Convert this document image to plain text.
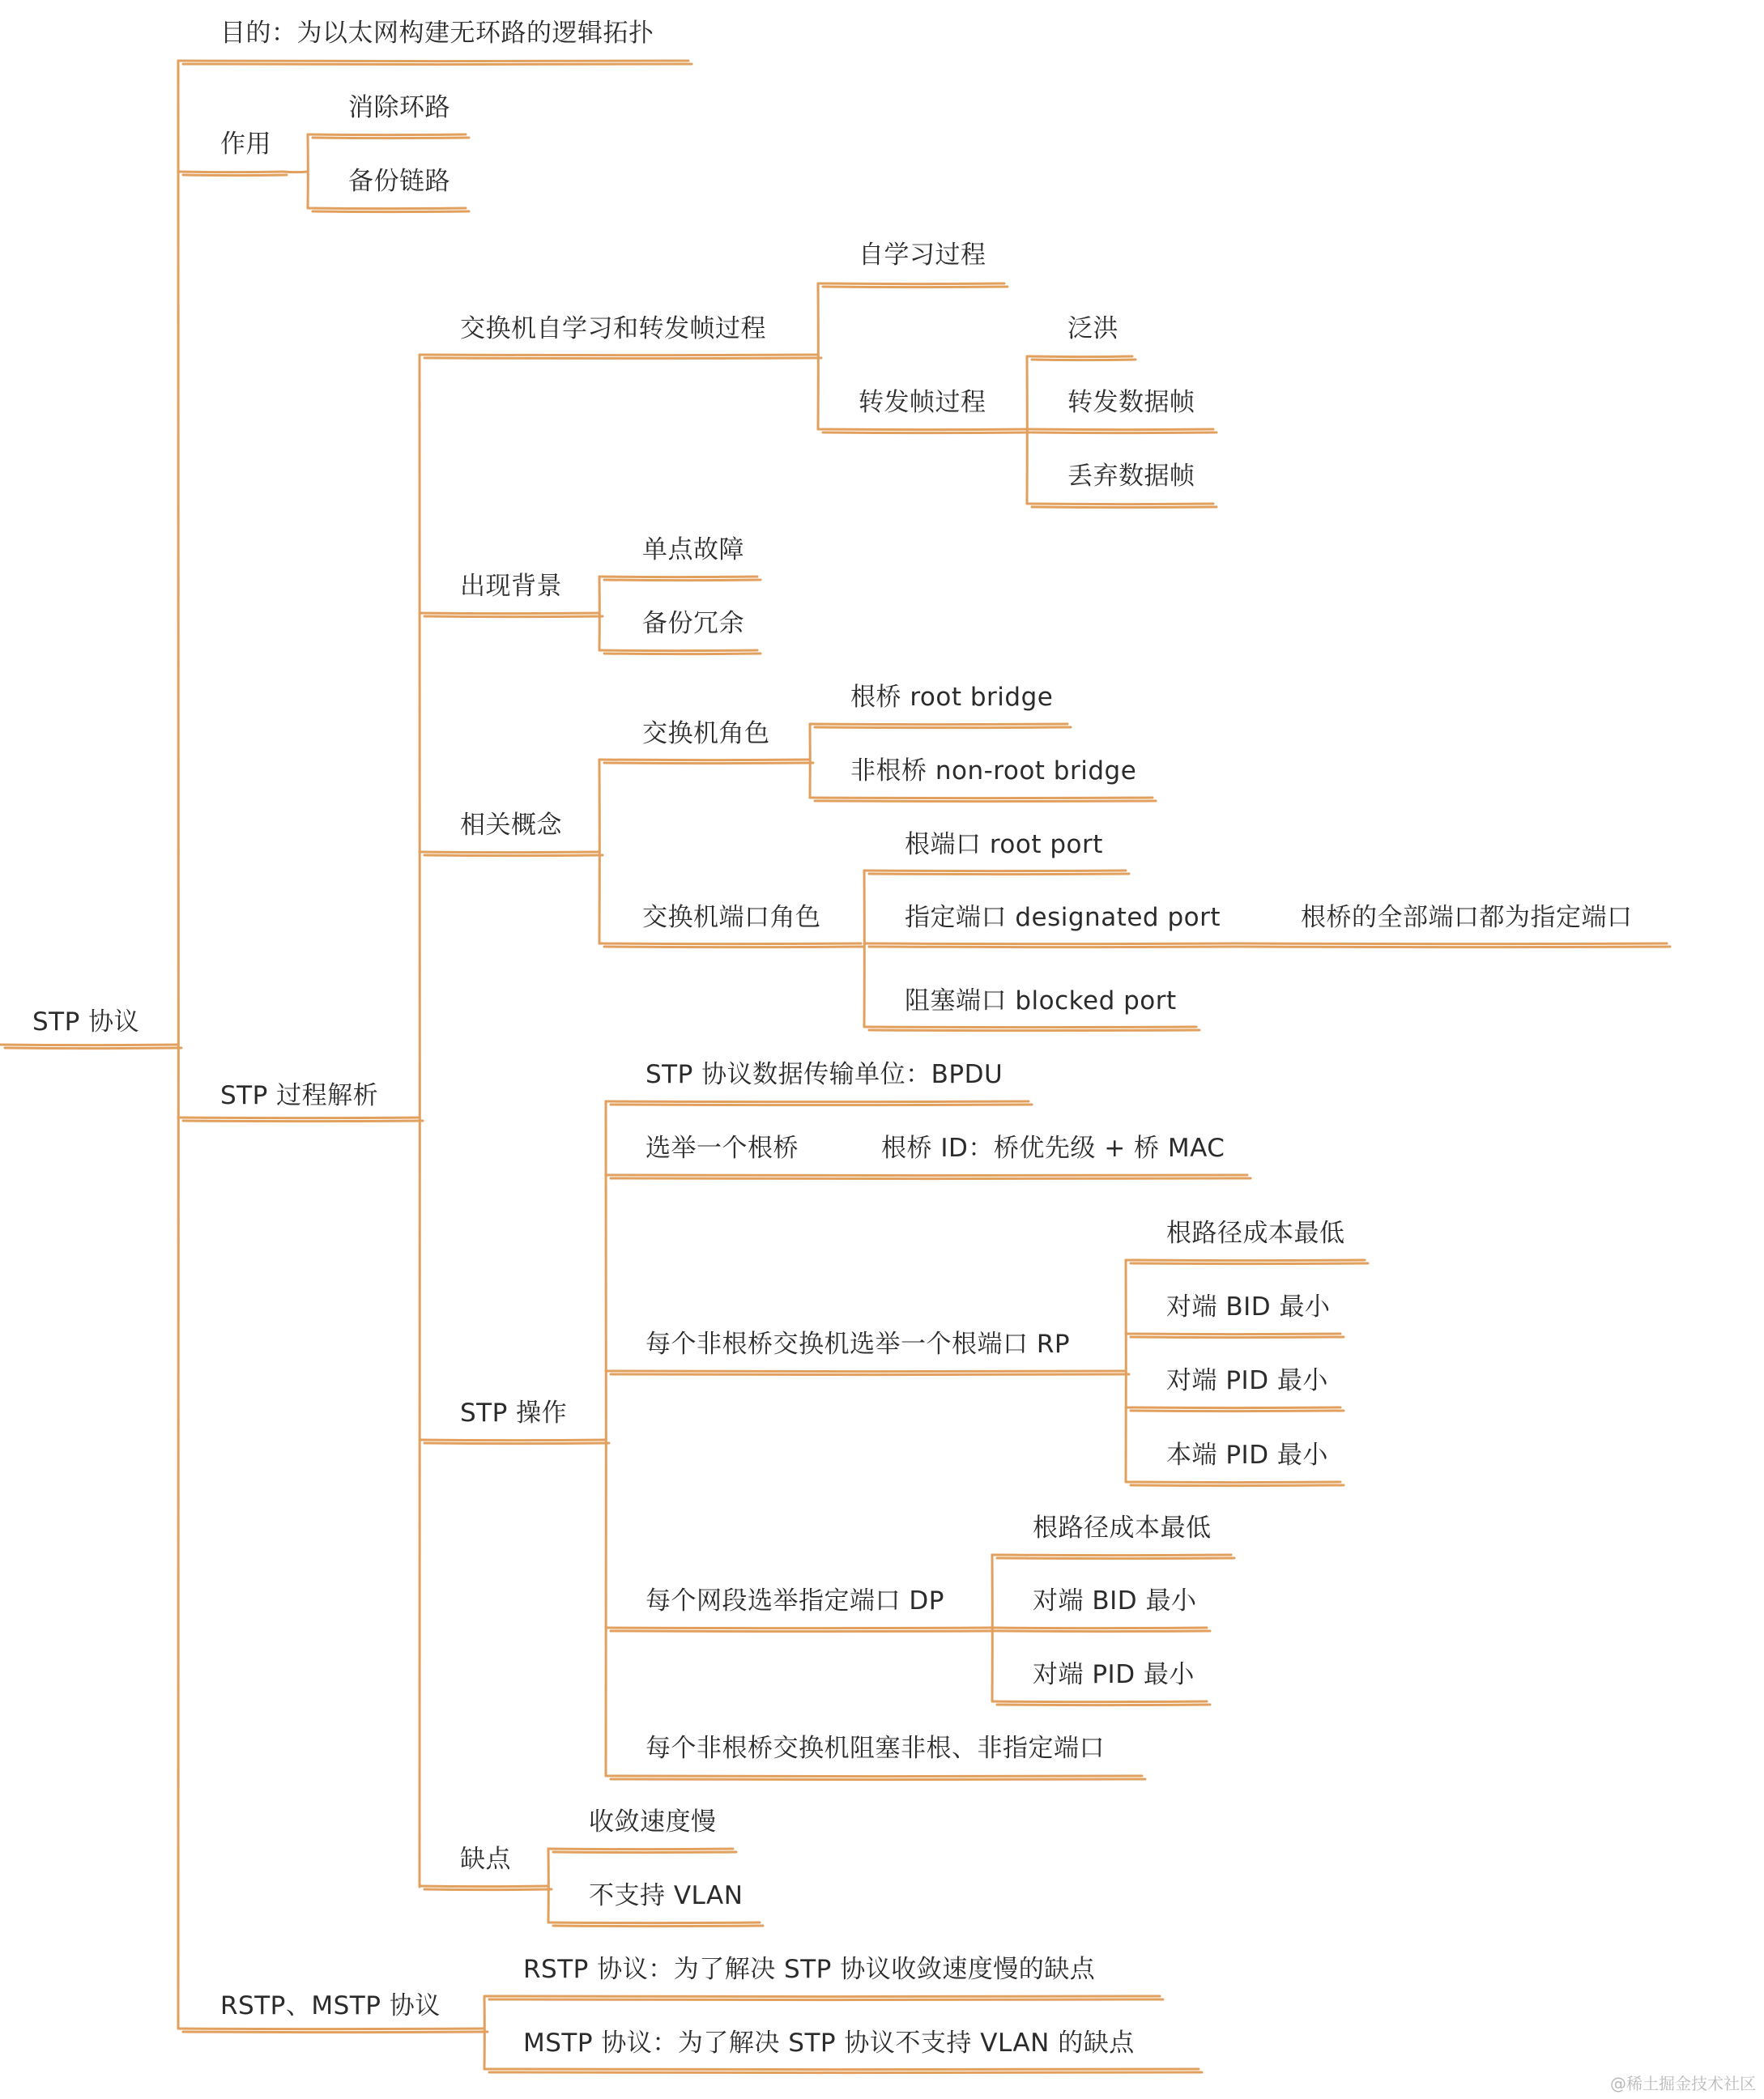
STP 协议
目的：为以太网构建无环路的逻辑拓扑
作用
消除环路
备份链路
STP 过程解析
交换机自学习和转发帧过程
自学习过程
转发帧过程
泛洪
转发数据帧
丢弃数据帧
出现背景
单点故障
备份冗余
相关概念
交换机角色
根桥 root bridge
非根桥 non-root bridge
交换机端口角色
根端口 root port
指定端口 designated port	根桥的全部端口都为指定端口
阻塞端口 blocked port
STP 操作
STP 协议数据传输单位：BPDU
选举一个根桥	根桥 ID：桥优先级 + 桥 MAC
每个非根桥交换机选举一个根端口 RP
根路径成本最低
对端 BID 最小
对端 PID 最小
本端 PID 最小
每个网段选举指定端口 DP
根路径成本最低
对端 BID 最小
对端 PID 最小
每个非根桥交换机阻塞非根、非指定端口
缺点
收敛速度慢
不支持 VLAN
RSTP、MSTP 协议
RSTP 协议：为了解决 STP 协议收敛速度慢的缺点
MSTP 协议：为了解决 STP 协议不支持 VLAN 的缺点
@稀土掘金技术社区
